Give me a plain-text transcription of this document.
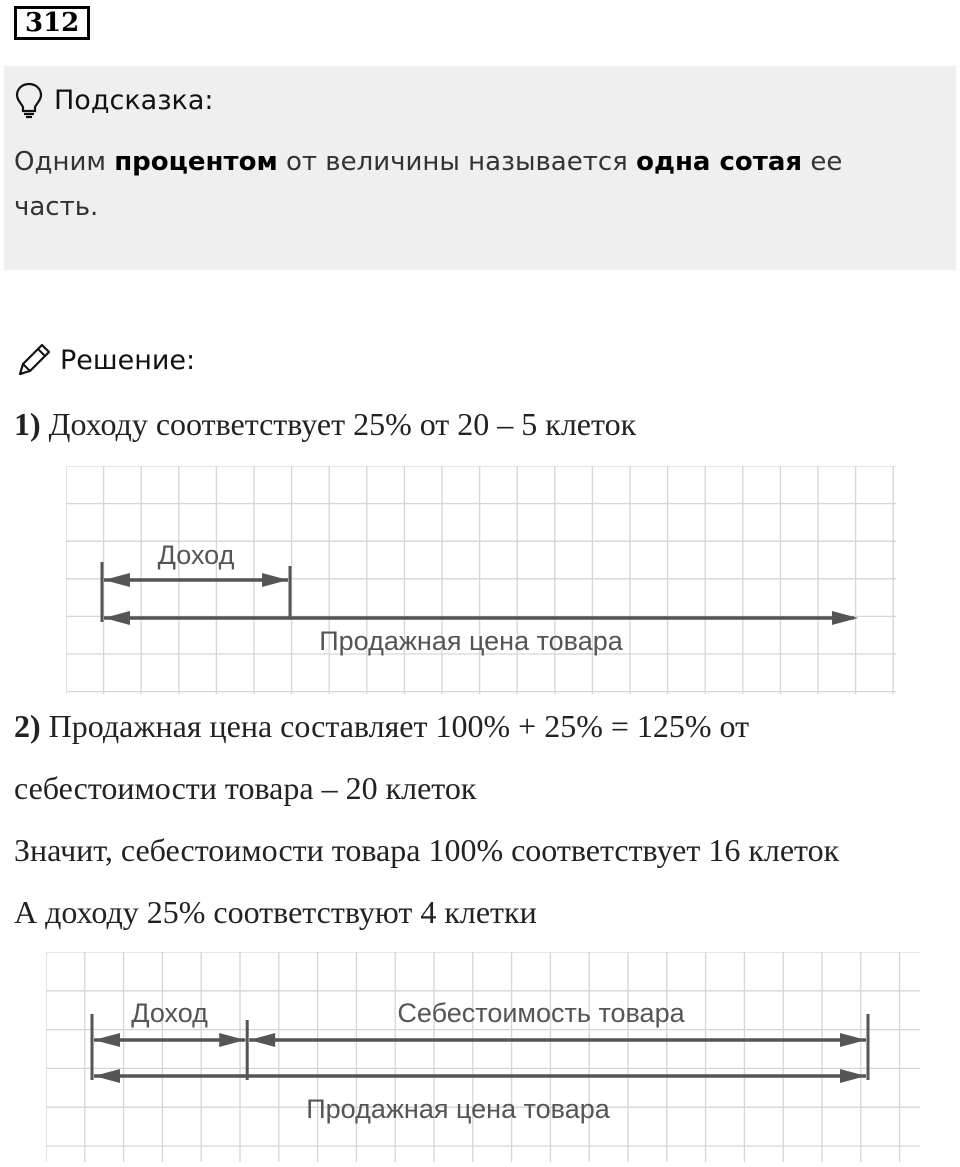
312
Подсказка:
Одним процентом от величины называется одна сотая ее часть.
Решение:
1) Доходу соответствует 25% от 20 – 5 клеток
Доход
Продажная цена товара
2) Продажная цена составляет 100% + 25% = 125% от
себестоимости товара – 20 клеток
Значит, себестоимости товара 100% соответствует 16 клеток
А доходу 25% соответствуют 4 клетки
Доход	Себестоимость товара
Продажная цена товара
